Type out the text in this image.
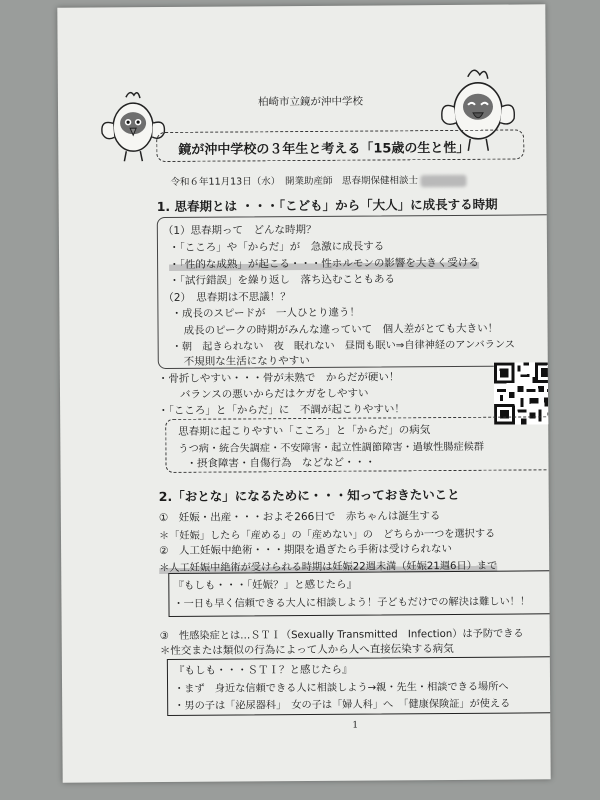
柏崎市立鏡が沖中学校
鏡が沖中学校の３年生と考える「15歳の生と性」
令和６年11月13日（水）　開業助産師　思春期保健相談士
1. 思春期とは ・・・「こども」から「大人」に成長する時期
（1）思春期って　どんな時期？
・「こころ」や「からだ」が　急激に成長する
・「性的な成熟」が起こる・・・性ホルモンの影響を大きく受ける
・「試行錯誤」を繰り返し　落ち込むこともある
（2）　思春期は不思議！？
・成長のスピードが　一人ひとり違う！
成長のピークの時期がみんな違っていて　個人差がとても大きい！
・朝　起きられない　夜　眠れない　昼間も眠い⇒自律神経のアンバランス
不規則な生活になりやすい
・骨折しやすい・・・骨が未熟で　からだが硬い！
バランスの悪いからだはケガをしやすい
・「こころ」と「からだ」に　不調が起こりやすい！
思春期に起こりやすい「こころ」と「からだ」の病気
うつ病・統合失調症・不安障害・起立性調節障害・過敏性腸症候群
・摂食障害・自傷行為　などなど・・・
2.「おとな」になるために・・・知っておきたいこと
①　妊娠・出産・・・およそ266日で　赤ちゃんは誕生する
＊「妊娠」したら「産める」の「産めない」の　どちらか一つを選択する
②　人工妊娠中絶術・・・期限を過ぎたら手術は受けられない
＊人工妊娠中絶術が受けられる時期は妊娠22週未満（妊娠21週6日）まで
『もしも・・・「妊娠？」と感じたら』
・一日も早く信頼できる大人に相談しよう！子どもだけでの解決は難しい！！
③　性感染症とは…ＳＴＩ（Sexually Transmitted　Infection）は予防できる
＊性交または類似の行為によって人から人へ直接伝染する病気
『もしも・・・ＳＴＩ？と感じたら』
・まず　身近な信頼できる人に相談しよう→親・先生・相談できる場所へ
・男の子は「泌尿器科」　女の子は「婦人科」へ　「健康保険証」が使える
1
